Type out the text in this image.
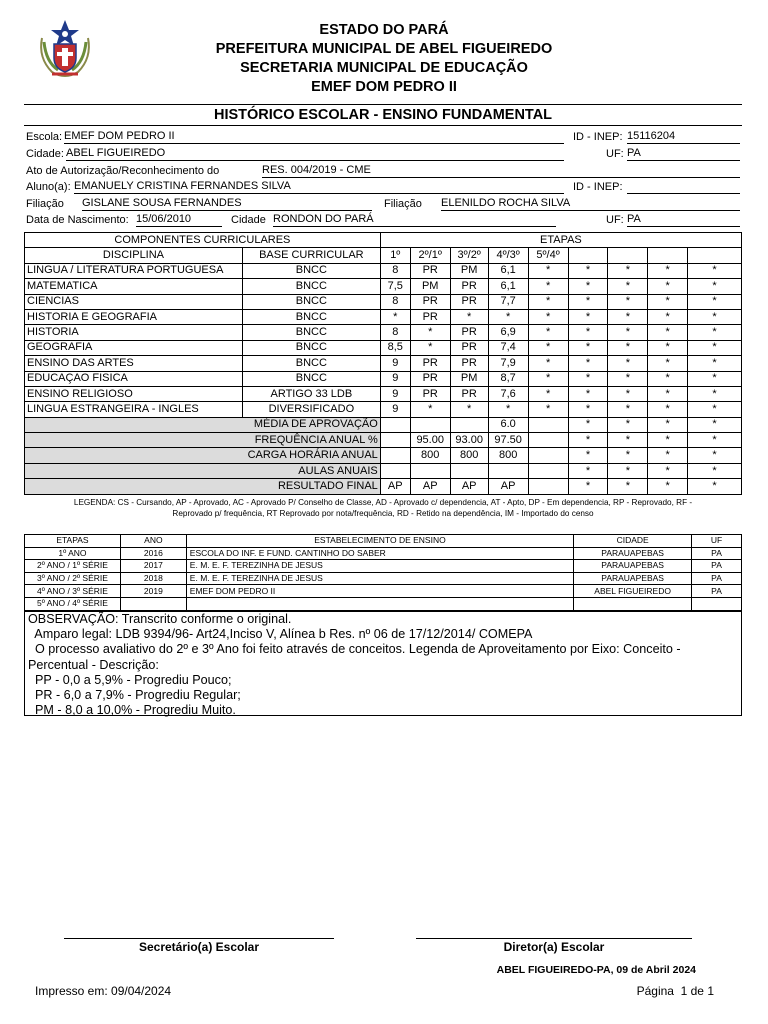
ESTADO DO PARÁ
PREFEITURA MUNICIPAL DE ABEL FIGUEIREDO
SECRETARIA MUNICIPAL DE EDUCAÇÃO
EMEF DOM PEDRO II
HISTÓRICO ESCOLAR - ENSINO FUNDAMENTAL
Escola: EMEF DOM PEDRO II	ID - INEP: 15116204
Cidade: ABEL FIGUEIREDO	UF: PA
Ato de Autorização/Reconhecimento do	RES. 004/2019 - CME
Aluno(a): EMANUELY CRISTINA FERNANDES SILVA	ID - INEP:
Filiação GISLANE SOUSA FERNANDES	Filiação ELENILDO ROCHA SILVA
Data de Nascimento: 15/06/2010	Cidade RONDON DO PARÁ	UF: PA
COMPONENTES CURRICULARES		ETAPAS								
DISCIPLINA	BASE CURRICULAR	1º	2º/1º	3º/2º	4º/3º	5º/4º				
LINGUA / LITERATURA PORTUGUESA	BNCC	8	PR	PM	6,1	*	*	*	*	*
MATEMATICA	BNCC	7,5	PM	PR	6,1	*	*	*	*	*
CIENCIAS	BNCC	8	PR	PR	7,7	*	*	*	*	*
HISTORIA E GEOGRAFIA	BNCC	*	PR	*	*	*	*	*	*	*
HISTORIA	BNCC	8	*	PR	6,9	*	*	*	*	*
GEOGRAFIA	BNCC	8,5	*	PR	7,4	*	*	*	*	*
ENSINO DAS ARTES	BNCC	9	PR	PR	7,9	*	*	*	*	*
EDUCAÇAO FISICA	BNCC	9	PR	PM	8,7	*	*	*	*	*
ENSINO RELIGIOSO	ARTIGO 33 LDB	9	PR	PR	7,6	*	*	*	*	*
LINGUA ESTRANGEIRA - INGLES	DIVERSIFICADO	9	*	*	*	*	*	*	*	*
MÉDIA DE APROVAÇÃO					6.0		*	*	*	*
FREQUÊNCIA ANUAL %			95.00	93.00	97.50		*	*	*	*
CARGA HORÁRIA ANUAL			800	800	800		*	*	*	*
AULAS ANUAIS							*	*	*	*
RESULTADO FINAL		AP	AP	AP	AP		*	*	*	*
LEGENDA: CS - Cursando, AP - Aprovado, AC - Aprovado P/ Conselho de Classe, AD - Aprovado c/ dependencia, AT - Apto, DP - Em dependencia, RP - Reprovado, RF -
Reprovado p/ frequência, RT Reprovado por nota/frequência, RD - Retido na dependência, IM - Importado do censo
ETAPAS	ANO	ESTABELECIMENTO DE ENSINO	CIDADE	UF
1º ANO	2016	ESCOLA DO INF. E FUND. CANTINHO DO SABER	PARAUAPEBAS	PA
2º ANO / 1º SÉRIE	2017	E. M. E. F. TEREZINHA DE JESUS	PARAUAPEBAS	PA
3º ANO / 2º SÉRIE	2018	E. M. E. F. TEREZINHA DE JESUS	PARAUAPEBAS	PA
4º ANO / 3º SÉRIE	2019	EMEF DOM PEDRO II	ABEL FIGUEIREDO	PA
5º ANO / 4º SÉRIE				
OBSERVAÇÃO: Transcrito conforme o original.
Amparo legal: LDB 9394/96- Art24,Inciso V, Alínea b Res. nº 06 de 17/12/2014/ COMEPA
O processo avaliativo do 2º e 3º Ano foi feito através de conceitos. Legenda de Aproveitamento por Eixo: Conceito -
Percentual - Descrição:
PP - 0,0 a 5,9% - Progrediu Pouco;
PR - 6,0 a 7,9% - Progrediu Regular;
PM - 8,0 a 10,0% - Progrediu Muito.
Secretário(a) Escolar	Diretor(a) Escolar
ABEL FIGUEIREDO-PA, 09 de Abril 2024
Impresso em: 09/04/2024	Página  1 de 1
